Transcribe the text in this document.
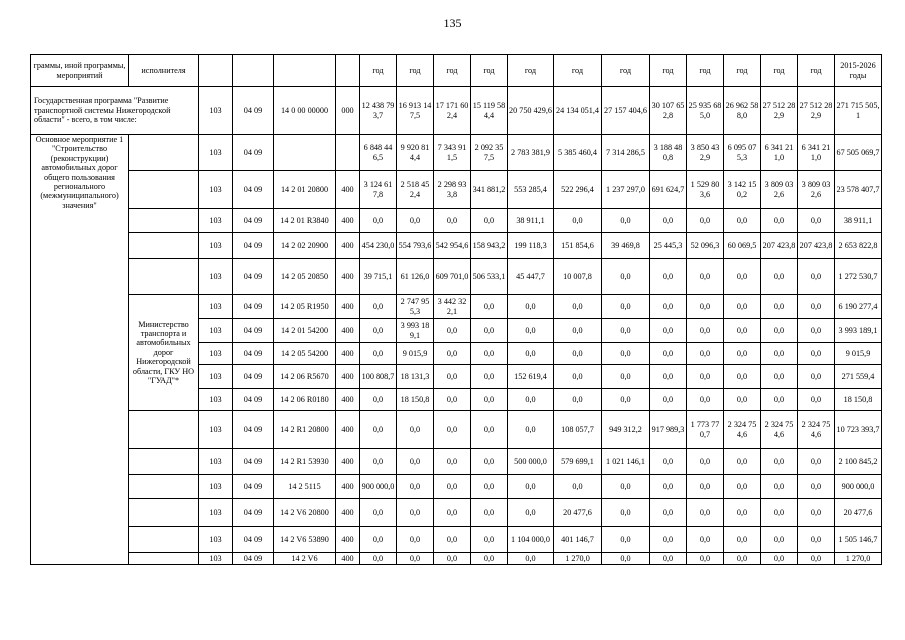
135
граммы, иной программы, мероприятий	исполнителя					год	год	год	год	год	год	год	год	год	год	год	год	2015-2026 годы
Государственная программа "Развитие транспортной системы Нижегородской области" - всего, в том числе:		103	04 09	14 0 00 00000	000	12 438 793,7	16 913 147,5	17 171 602,4	15 119 584,4	20 750 429,6	24 134 051,4	27 157 404,6	30 107 652,8	25 935 685,0	26 962 588,0	27 512 282,9	27 512 282,9	271 715 505,1
Основное мероприятие 1 "Строительство (реконструкции) автомобильных дорог общего пользования регионального (межмуниципального) значения"		103	04 09			6 848 446,5	9 920 814,4	7 343 911,5	2 092 357,5	2 783 381,9	5 385 460,4	7 314 286,5	3 188 480,8	3 850 432,9	6 095 075,3	6 341 211,0	6 341 211,0	67 505 069,7
		103	04 09	14 2 01 20800	400	3 124 617,8	2 518 452,4	2 298 933,8	341 881,2	553 285,4	522 296,4	1 237 297,0	691 624,7	1 529 803,6	3 142 150,2	3 809 032,6	3 809 032,6	23 578 407,7
		103	04 09	14 2 01 R3840	400	0,0	0,0	0,0	0,0	38 911,1	0,0	0,0	0,0	0,0	0,0	0,0	0,0	38 911,1
		103	04 09	14 2 02 20900	400	454 230,0	554 793,6	542 954,6	158 943,2	199 118,3	151 854,6	39 469,8	25 445,3	52 096,3	60 069,5	207 423,8	207 423,8	2 653 822,8
		103	04 09	14 2 05 20850	400	39 715,1	61 126,0	609 701,0	506 533,1	45 447,7	10 007,8	0,0	0,0	0,0	0,0	0,0	0,0	1 272 530,7
	Министерство транспорта и автомобильных дорог Нижегородской области, ГКУ НО "ГУАД"*	103	04 09	14 2 05 R1950	400	0,0	2 747 955,3	3 442 322,1	0,0	0,0	0,0	0,0	0,0	0,0	0,0	0,0	0,0	6 190 277,4
		103	04 09	14 2 01 54200	400	0,0	3 993 189,1	0,0	0,0	0,0	0,0	0,0	0,0	0,0	0,0	0,0	0,0	3 993 189,1
		103	04 09	14 2 05 54200	400	0,0	9 015,9	0,0	0,0	0,0	0,0	0,0	0,0	0,0	0,0	0,0	0,0	9 015,9
		103	04 09	14 2 06 R5670	400	100 808,7	18 131,3	0,0	0,0	152 619,4	0,0	0,0	0,0	0,0	0,0	0,0	0,0	271 559,4
		103	04 09	14 2 06 R0180	400	0,0	18 150,8	0,0	0,0	0,0	0,0	0,0	0,0	0,0	0,0	0,0	0,0	18 150,8
		103	04 09	14 2 R1 20800	400	0,0	0,0	0,0	0,0	0,0	108 057,7	949 312,2	917 989,3	1 773 770,7	2 324 754,6	2 324 754,6	2 324 754,6	10 723 393,7
		103	04 09	14 2 R1 53930	400	0,0	0,0	0,0	0,0	500 000,0	579 699,1	1 021 146,1	0,0	0,0	0,0	0,0	0,0	2 100 845,2
		103	04 09	14 2 5115	400	900 000,0	0,0	0,0	0,0	0,0	0,0	0,0	0,0	0,0	0,0	0,0	0,0	900 000,0
		103	04 09	14 2 V6 20800	400	0,0	0,0	0,0	0,0	0,0	20 477,6	0,0	0,0	0,0	0,0	0,0	0,0	20 477,6
		103	04 09	14 2 V6 53890	400	0,0	0,0	0,0	0,0	1 104 000,0	401 146,7	0,0	0,0	0,0	0,0	0,0	0,0	1 505 146,7
		103	04 09	14 2 V6	400	0,0	0,0	0,0	0,0	0,0	1 270,0	0,0	0,0	0,0	0,0	0,0	0,0	1 270,0
